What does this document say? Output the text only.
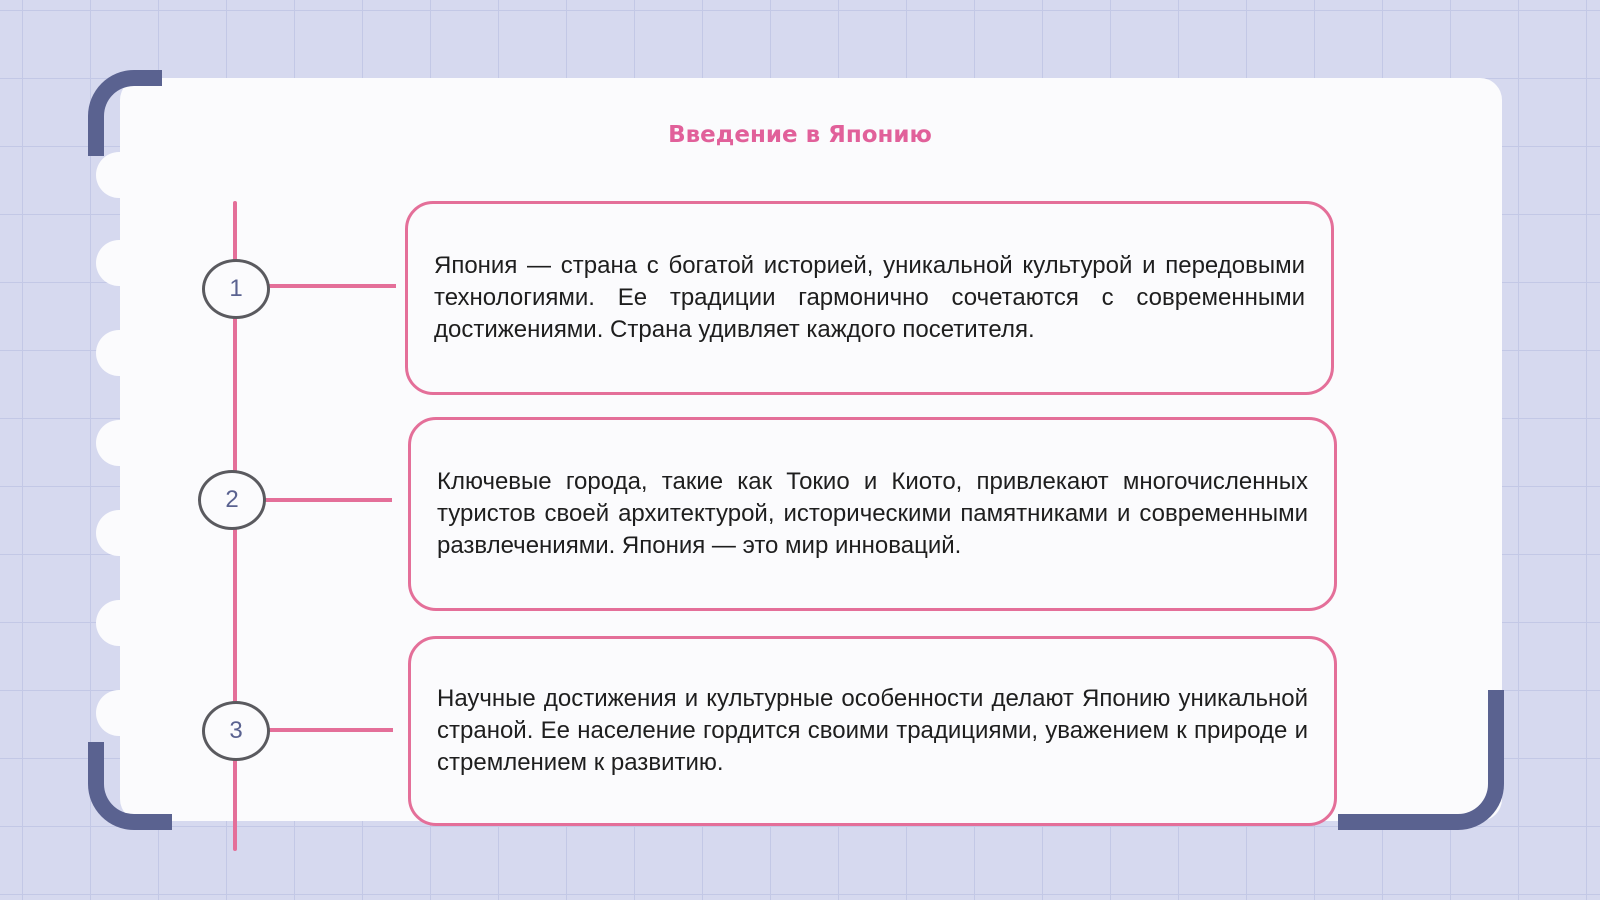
Введение в Японию
1

Япония — страна с богатой историей, уникальной культурой и передовыми технологиями. Ее традиции гармонично сочетаются с современными достижениями. Страна удивляет каждого посетителя.

2

Ключевые города, такие как Токио и Киото, привлекают многочисленных туристов своей архитектурой, историческими памятниками и современными развлечениями. Япония — это мир инноваций.

3

Научные достижения и культурные особенности делают Японию уникальной страной. Ее население гордится своими традициями, уважением к природе и стремлением к развитию.
